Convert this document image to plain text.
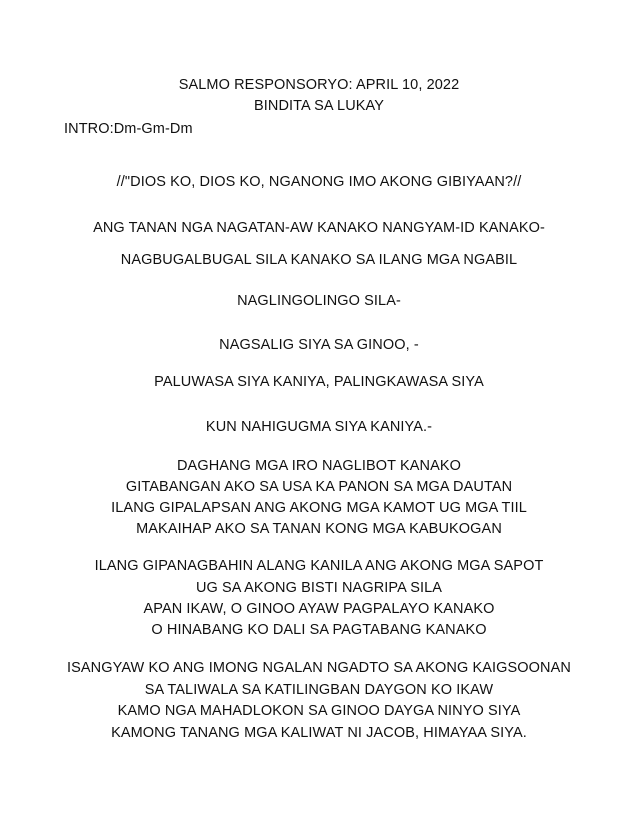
SALMO RESPONSORYO: APRIL 10, 2022
BINDITA SA LUKAY
INTRO:Dm-Gm-Dm
//"DIOS KO, DIOS KO, NGANONG IMO AKONG GIBIYAAN?//
ANG TANAN NGA NAGATAN-AW KANAKO NANGYAM-ID KANAKO-
NAGBUGALBUGAL SILA KANAKO SA ILANG MGA NGABIL
NAGLINGOLINGO SILA-
NAGSALIG SIYA SA GINOO, -
PALUWASA SIYA KANIYA, PALINGKAWASA SIYA
KUN NAHIGUGMA SIYA KANIYA.-
DAGHANG MGA IRO NAGLIBOT KANAKO
GITABANGAN AKO SA USA KA PANON SA MGA DAUTAN
ILANG GIPALAPSAN ANG AKONG MGA KAMOT UG MGA TIIL
MAKAIHAP AKO SA TANAN KONG MGA KABUKOGAN
ILANG GIPANAGBAHIN ALANG KANILA ANG AKONG MGA SAPOT
UG SA AKONG BISTI NAGRIPA SILA
APAN IKAW, O GINOO AYAW PAGPALAYO KANAKO
O HINABANG KO DALI SA PAGTABANG KANAKO
ISANGYAW KO ANG IMONG NGALAN NGADTO SA AKONG KAIGSOONAN
SA TALIWALA SA KATILINGBAN DAYGON KO IKAW
KAMO NGA MAHADLOKON SA GINOO DAYGA NINYO SIYA
KAMONG TANANG MGA KALIWAT NI JACOB, HIMAYAA SIYA.
